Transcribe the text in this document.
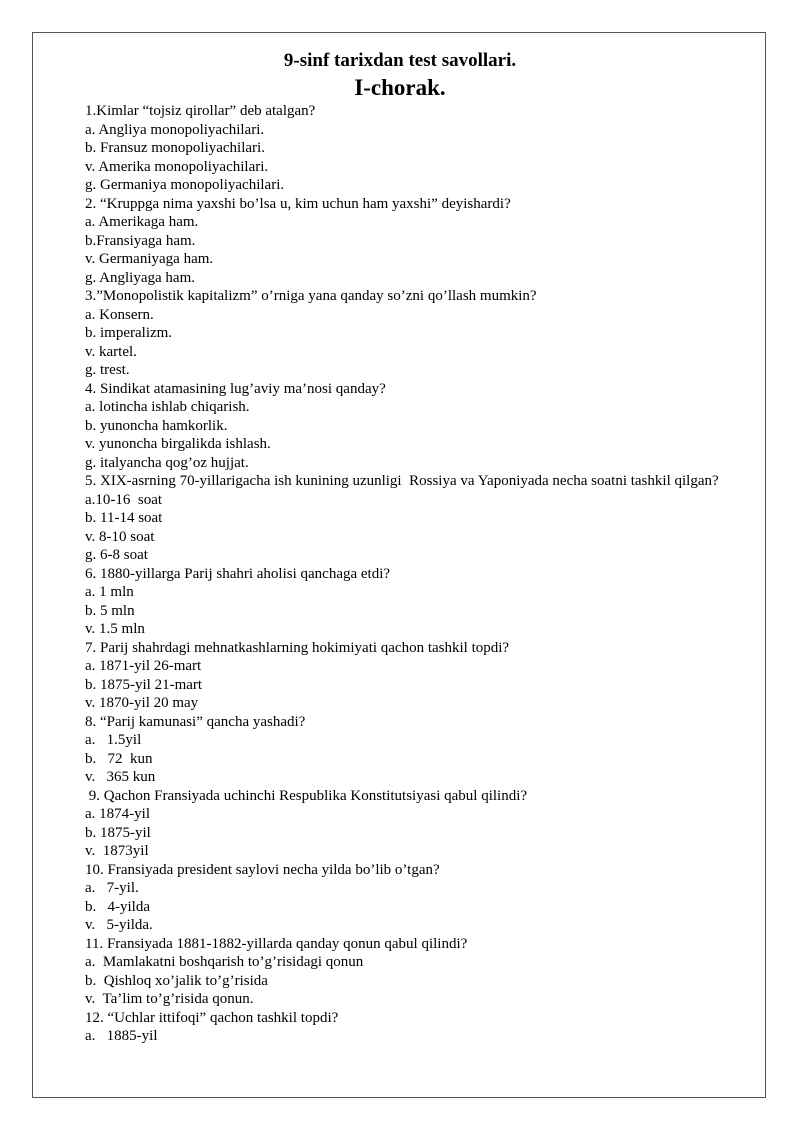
9-sinf tarixdan test savollari.
I-chorak.
1.Kimlar “tojsiz qirollar” deb atalgan?
a. Angliya monopoliyachilari.
b. Fransuz monopoliyachilari.
v. Amerika monopoliyachilari.
g. Germaniya monopoliyachilari.
2. “Kruppga nima yaxshi bo’lsa u, kim uchun ham yaxshi” deyishardi?
a. Amerikaga ham.
b.Fransiyaga ham.
v. Germaniyaga ham.
g. Angliyaga ham.
3.”Monopolistik kapitalizm” o’rniga yana qanday so’zni qo’llash mumkin?
a. Konsern.
b. imperalizm.
v. kartel.
g. trest.
4. Sindikat atamasining lug’aviy ma’nosi qanday?
a. lotincha ishlab chiqarish.
b. yunoncha hamkorlik.
v. yunoncha birgalikda ishlash.
g. italyancha qog’oz hujjat.
5. XIX-asrning 70-yillarigacha ish kunining uzunligi  Rossiya va Yaponiyada necha soatni tashkil qilgan?
a.10-16  soat
b. 11-14 soat
v. 8-10 soat
g. 6-8 soat
6. 1880-yillarga Parij shahri aholisi qanchaga etdi?
a. 1 mln
b. 5 mln
v. 1.5 mln
7. Parij shahrdagi mehnatkashlarning hokimiyati qachon tashkil topdi?
a. 1871-yil 26-mart
b. 1875-yil 21-mart
v. 1870-yil 20 may
8. “Parij kamunasi” qancha yashadi?
a.   1.5yil
b.   72  kun
v.   365 kun
9. Qachon Fransiyada uchinchi Respublika Konstitutsiyasi qabul qilindi?
a. 1874-yil
b. 1875-yil
v.  1873yil
10. Fransiyada president saylovi necha yilda bo’lib o’tgan?
a.   7-yil.
b.   4-yilda
v.   5-yilda.
11. Fransiyada 1881-1882-yillarda qanday qonun qabul qilindi?
a.  Mamlakatni boshqarish to’g’risidagi qonun
b.  Qishloq xo’jalik to’g’risida
v.  Ta’lim to’g’risida qonun.
12. “Uchlar ittifoqi” qachon tashkil topdi?
a.   1885-yil
